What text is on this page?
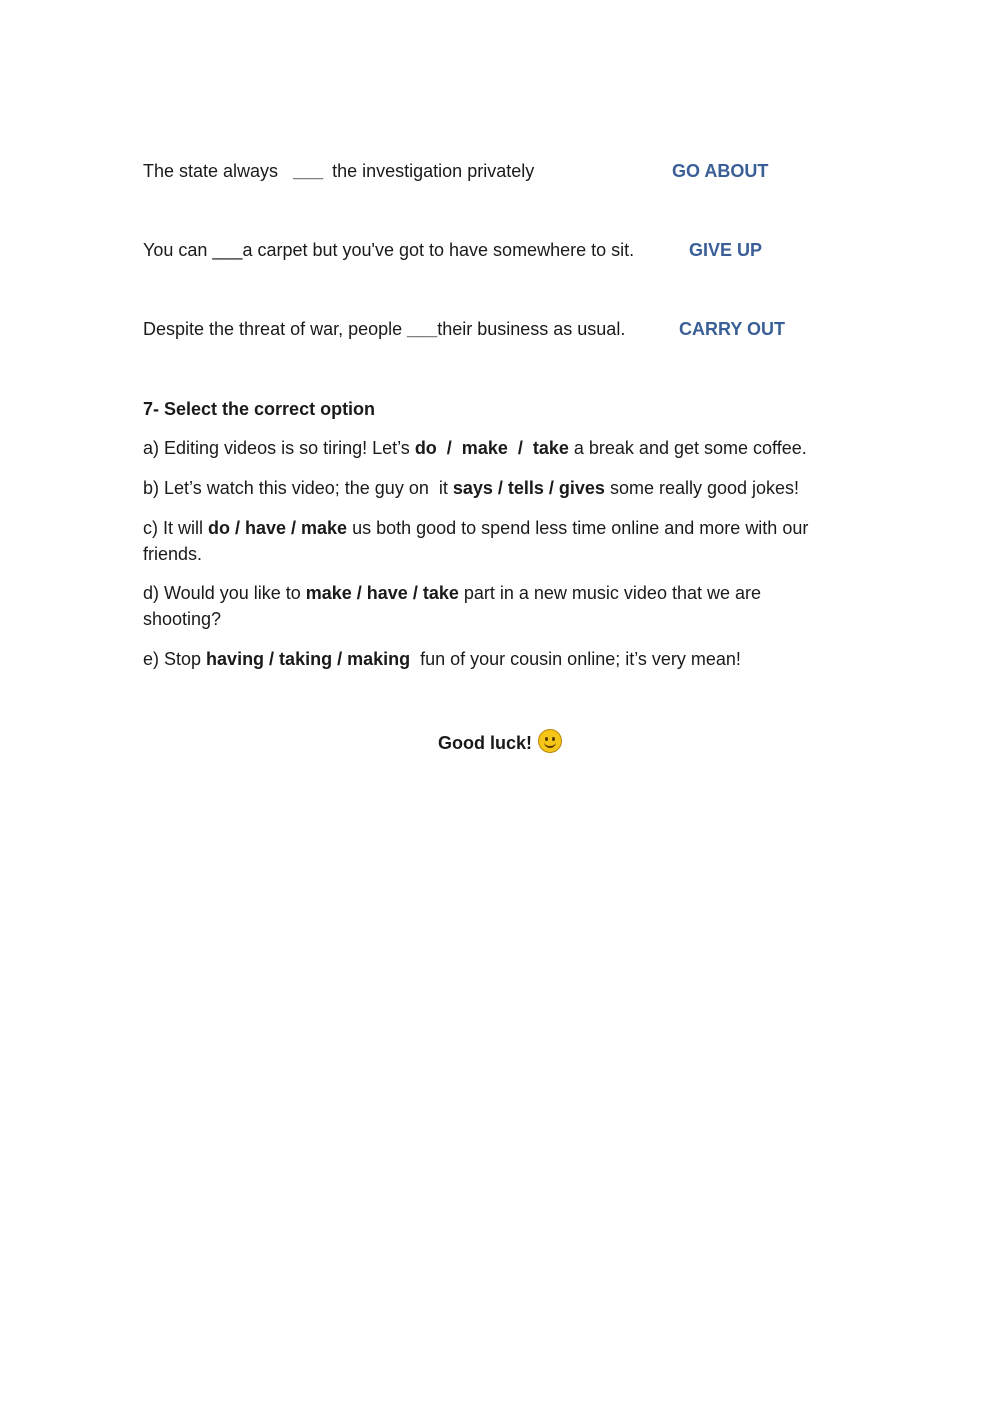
The state always ___ the investigation privately	GO ABOUT
You can ___a carpet but you've got to have somewhere to sit.	GIVE UP
Despite the threat of war, people ___their business as usual.	CARRY OUT
7- Select the correct option
a) Editing videos is so tiring! Let’s do  /  make  /  take a break and get some coffee.
b) Let’s watch this video; the guy on  it says / tells / gives some really good jokes!
c) It will do / have / make us both good to spend less time online and more with our friends.
d) Would you like to make / have / take part in a new music video that we are shooting?
e) Stop having / taking / making  fun of your cousin online; it’s very mean!
Good luck!
